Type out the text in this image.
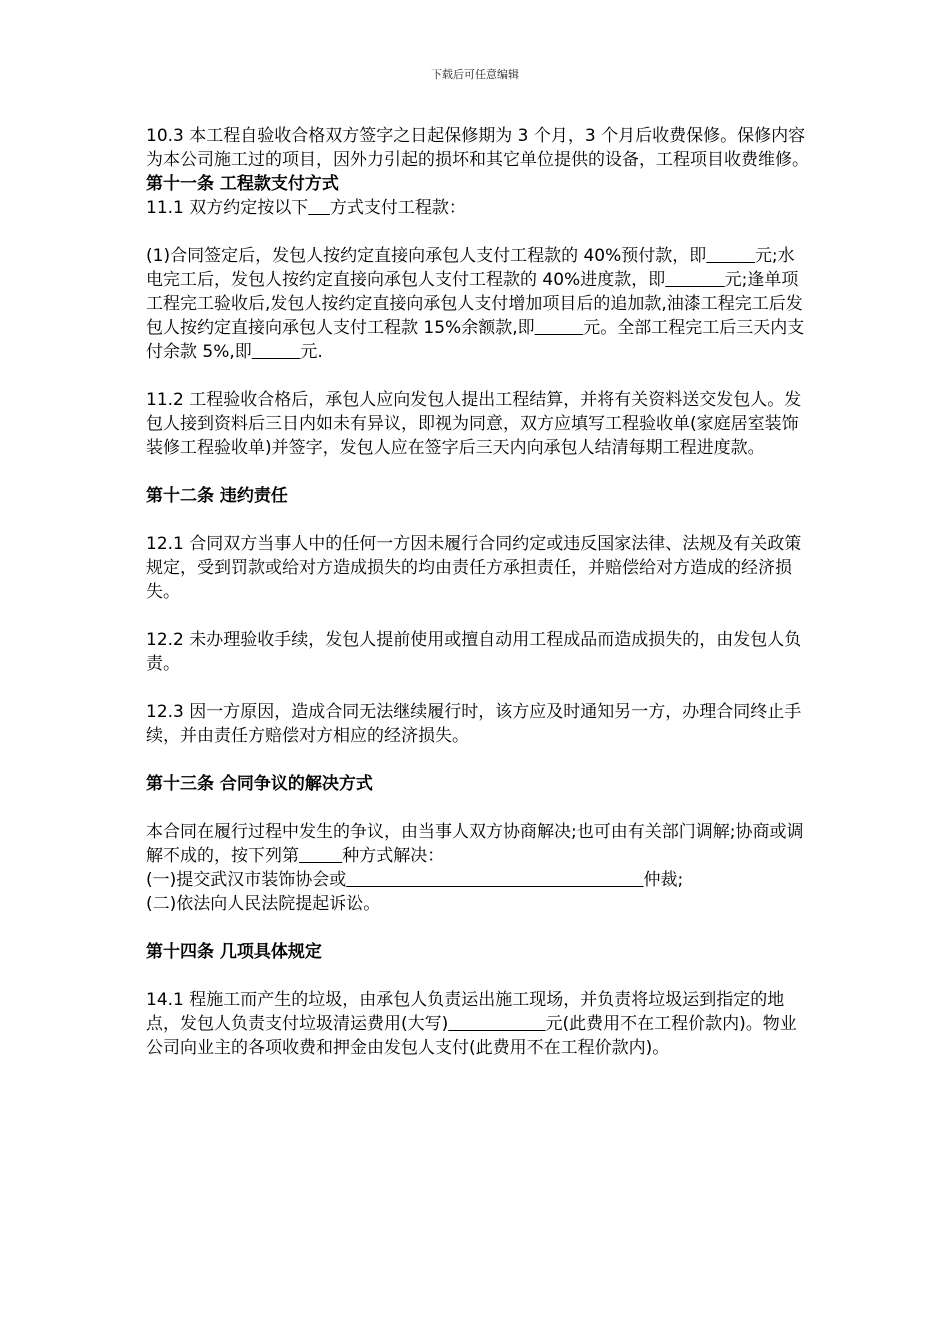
下载后可任意编辑

10.3 本工程自验收合格双方签字之日起保修期为 3 个月，3 个月后收费保修。保修内容为本公司施工过的项目，因外力引起的损坏和其它单位提供的设备，工程项目收费维修。

第十一条 工程款支付方式

11.1 双方约定按以下 方式支付工程款：

(1)合同签定后，发包人按约定直接向承包人支付工程款的 40%预付款，即	元;水电完工后，发包人按约定直接向承包人支付工程款的 40%进度款，即	元;逢单项工程完工验收后,发包人按约定直接向承包人支付增加项目后的追加款,油漆工程完工后发包人按约定直接向承包人支付工程款 15%余额款,即	元。全部工程完工后三天内支付余款 5%,即	元.

11.2 工程验收合格后，承包人应向发包人提出工程结算，并将有关资料送交发包人。发包人接到资料后三日内如未有异议，即视为同意，双方应填写工程验收单(家庭居室装饰装修工程验收单)并签字，发包人应在签字后三天内向承包人结清每期工程进度款。

第十二条 违约责任

12.1 合同双方当事人中的任何一方因未履行合同约定或违反国家法律、法规及有关政策规定，受到罚款或给对方造成损失的均由责任方承担责任，并赔偿给对方造成的经济损失。

12.2 未办理验收手续，发包人提前使用或擅自动用工程成品而造成损失的，由发包人负责。

12.3 因一方原因，造成合同无法继续履行时，该方应及时通知另一方，办理合同终止手续，并由责任方赔偿对方相应的经济损失。

第十三条 合同争议的解决方式

本合同在履行过程中发生的争议，由当事人双方协商解决;也可由有关部门调解;协商或调解不成的，按下列第	种方式解决：

(一)提交武汉市装饰协会或	仲裁;

(二)依法向人民法院提起诉讼。

第十四条 几项具体规定

14.1 程施工而产生的垃圾，由承包人负责运出施工现场，并负责将垃圾运到指定的地点，发包人负责支付垃圾清运费用(大写)	元(此费用不在工程价款内)。物业公司向业主的各项收费和押金由发包人支付(此费用不在工程价款内)。
